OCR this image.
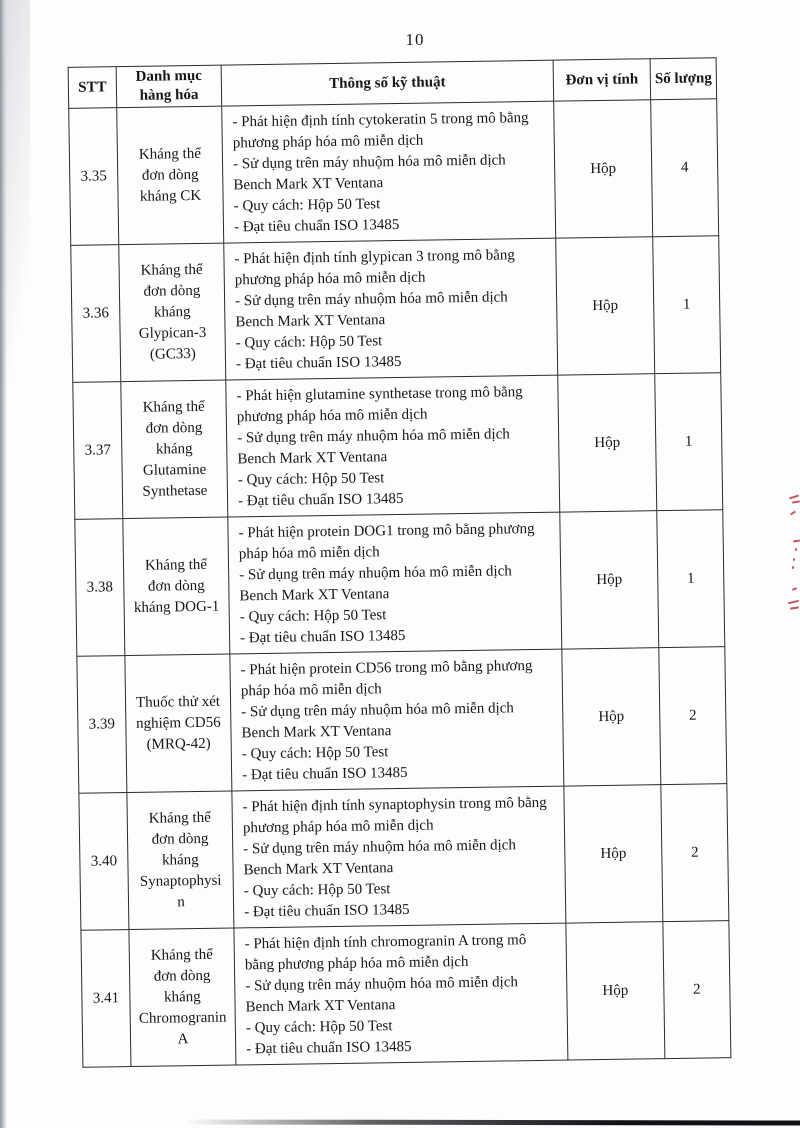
10
STT	Danh mục hàng hóa	Thông số kỹ thuật	Đơn vị tính	Số lượng
3.35	Kháng thể đơn dòng kháng CK	- Phát hiện định tính cytokeratin 5 trong mô bằng phương pháp hóa mô miễn dịch
- Sử dụng trên máy nhuộm hóa mô miễn dịch Bench Mark XT Ventana
- Quy cách: Hộp 50 Test
- Đạt tiêu chuẩn ISO 13485	Hộp	4
3.36	Kháng thể đơn dòng kháng Glypican-3 (GC33)	- Phát hiện định tính glypican 3 trong mô bằng phương pháp hóa mô miễn dịch
- Sử dụng trên máy nhuộm hóa mô miễn dịch Bench Mark XT Ventana
- Quy cách: Hộp 50 Test
- Đạt tiêu chuẩn ISO 13485	Hộp	1
3.37	Kháng thể đơn dòng kháng Glutamine Synthetase	- Phát hiện glutamine synthetase trong mô bằng phương pháp hóa mô miễn dịch
- Sử dụng trên máy nhuộm hóa mô miễn dịch Bench Mark XT Ventana
- Quy cách: Hộp 50 Test
- Đạt tiêu chuẩn ISO 13485	Hộp	1
3.38	Kháng thể đơn dòng kháng DOG-1	- Phát hiện protein DOG1 trong mô bằng phương pháp hóa mô miễn dịch
- Sử dụng trên máy nhuộm hóa mô miễn dịch Bench Mark XT Ventana
- Quy cách: Hộp 50 Test
- Đạt tiêu chuẩn ISO 13485	Hộp	1
3.39	Thuốc thử xét nghiệm CD56 (MRQ-42)	- Phát hiện protein CD56 trong mô bằng phương pháp hóa mô miễn dịch
- Sử dụng trên máy nhuộm hóa mô miễn dịch Bench Mark XT Ventana
- Quy cách: Hộp 50 Test
- Đạt tiêu chuẩn ISO 13485	Hộp	2
3.40	Kháng thể đơn dòng kháng Synaptophysin	- Phát hiện định tính synaptophysin trong mô bằng phương pháp hóa mô miễn dịch
- Sử dụng trên máy nhuộm hóa mô miễn dịch Bench Mark XT Ventana
- Quy cách: Hộp 50 Test
- Đạt tiêu chuẩn ISO 13485	Hộp	2
3.41	Kháng thể đơn dòng kháng Chromogranin A	- Phát hiện định tính chromogranin A trong mô bằng phương pháp hóa mô miễn dịch
- Sử dụng trên máy nhuộm hóa mô miễn dịch Bench Mark XT Ventana
- Quy cách: Hộp 50 Test
- Đạt tiêu chuẩn ISO 13485	Hộp	2
